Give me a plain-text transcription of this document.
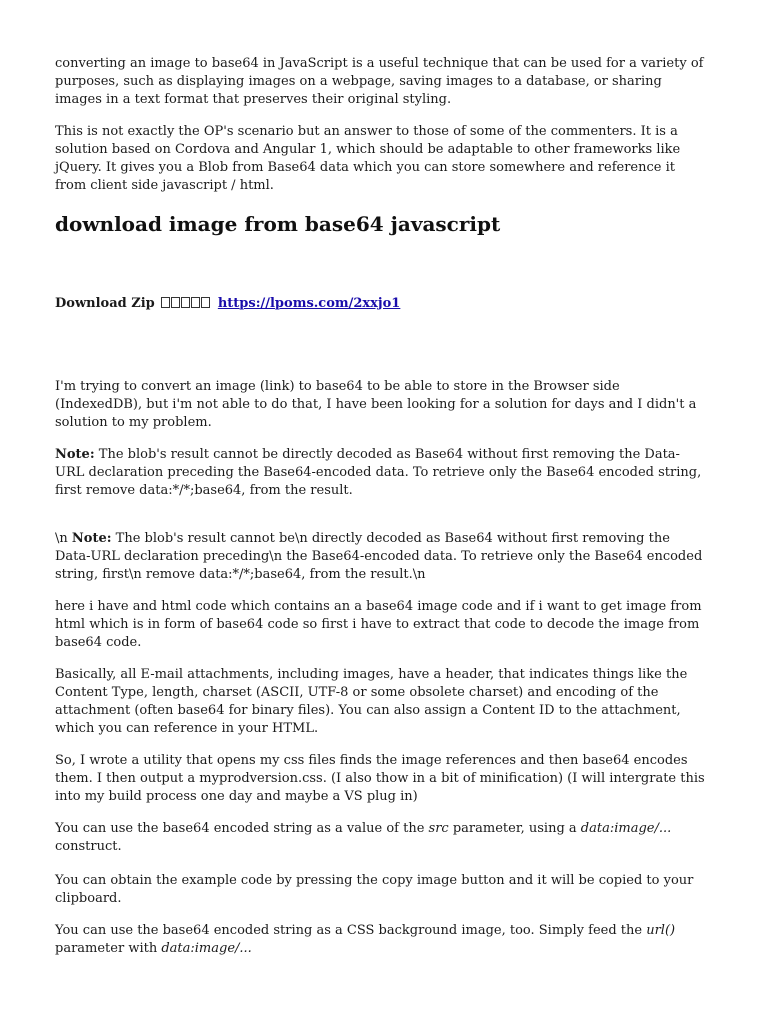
converting an image to base64 in JavaScript is a useful technique that can be used for a variety of purposes, such as displaying images on a webpage, saving images to a database, or sharing images in a text format that preserves their original styling.

This is not exactly the OP's scenario but an answer to those of some of the commenters. It is a solution based on Cordova and Angular 1, which should be adaptable to other frameworks like jQuery. It gives you a Blob from Base64 data which you can store somewhere and reference it from client side javascript / html.

download image from base64 javascript
Download Zip	https://lpoms.com/2xxjo1

I'm trying to convert an image (link) to base64 to be able to store in the Browser side (IndexedDB), but i'm not able to do that, I have been looking for a solution for days and I didn't a solution to my problem.

Note: The blob's result cannot be directly decoded as Base64 without first removing the Data-URL declaration preceding the Base64-encoded data. To retrieve only the Base64 encoded string, first remove data:*/*;base64, from the result.

\n Note: The blob's result cannot be\n directly decoded as Base64 without first removing the Data-URL declaration preceding\n the Base64-encoded data. To retrieve only the Base64 encoded string, first\n remove data:*/*;base64, from the result.\n

here i have and html code which contains an a base64 image code and if i want to get image from html which is in form of base64 code so first i have to extract that code to decode the image from base64 code.

Basically, all E-mail attachments, including images, have a header, that indicates things like the Content Type, length, charset (ASCII, UTF-8 or some obsolete charset) and encoding of the attachment (often base64 for binary files). You can also assign a Content ID to the attachment, which you can reference in your HTML.

So, I wrote a utility that opens my css files finds the image references and then base64 encodes them. I then output a myprodversion.css. (I also thow in a bit of minification) (I will intergrate this into my build process one day and maybe a VS plug in)

You can use the base64 encoded string as a value of the src parameter, using a data:image/... construct.

You can obtain the example code by pressing the copy image button and it will be copied to your clipboard.

You can use the base64 encoded string as a CSS background image, too. Simply feed the url() parameter with data:image/...
